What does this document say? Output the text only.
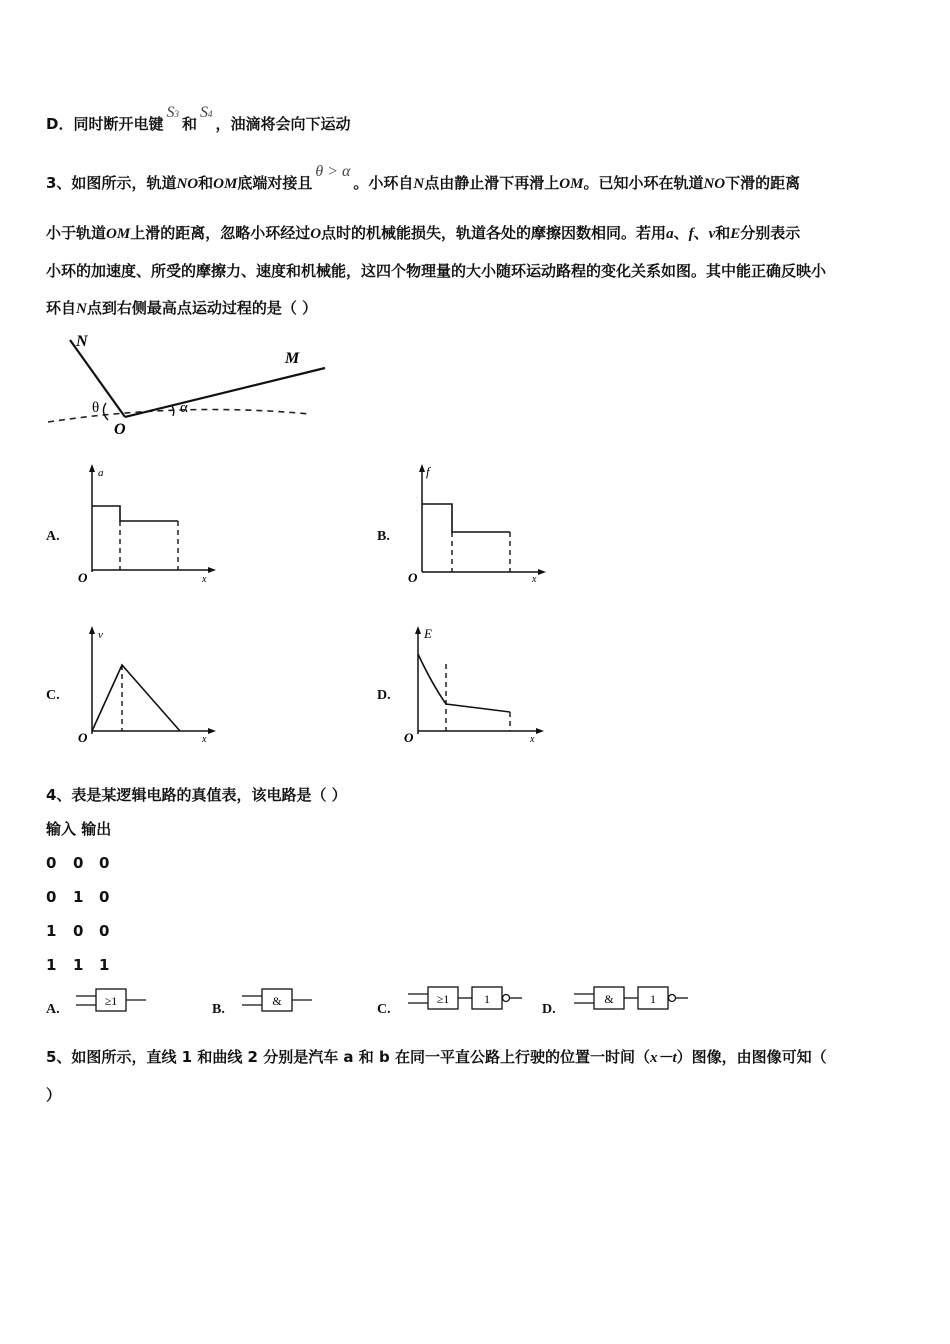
D．同时断开电键S3和S4，油滴将会向下运动
3、如图所示，轨道NO和OM底端对接且θ > α。小环自N点由静止滑下再滑上OM。已知小环在轨道NO下滑的距离
小于轨道OM上滑的距离，忽略小环经过O点时的机械能损失，轨道各处的摩擦因数相同。若用a、f、v和E分别表示
小环的加速度、所受的摩擦力、速度和机械能，这四个物理量的大小随环运动路程的变化关系如图。其中能正确反映小
环自N点到右侧最高点运动过程的是（ ）
N
M
O
θ	α
A.
a
O	x
B.
f
O	x
C.
v
O	x
D.
E
O	x
4、表是某逻辑电路的真值表，该电路是（ ）
输入 输出
0 0 0
0 1 0
1 0 0
1 1 1
A.
≥1
B.
&
C.
≥1	1
D.
&	1
5、如图所示，直线 1 和曲线 2 分别是汽车 a 和 b 在同一平直公路上行驶的位置一时间（x－t）图像，由图像可知（
）
